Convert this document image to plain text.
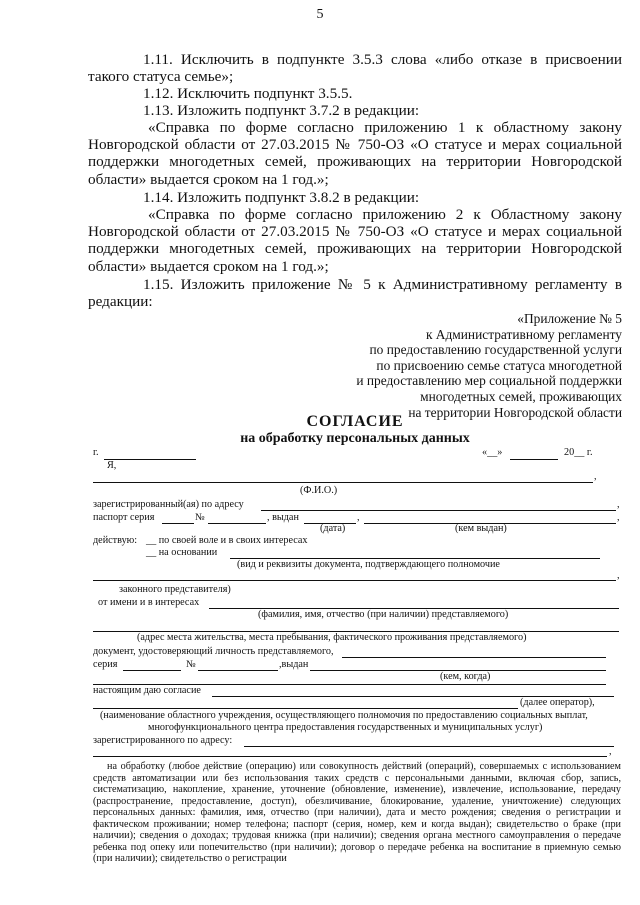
5
1.11. Исключить в подпункте 3.5.3 слова «либо отказе в присвоении такого статуса семье»;
1.12. Исключить подпункт 3.5.5.
1.13. Изложить подпункт 3.7.2 в редакции:
«Справка по форме согласно приложению 1 к областному закону Новгородской области от 27.03.2015 № 750-ОЗ «О статусе и мерах социальной поддержки многодетных семей, проживающих на территории Новгородской области» выдается сроком на 1 год.»;
1.14. Изложить подпункт 3.8.2 в редакции:
«Справка по форме согласно приложению 2 к Областному закону Новгородской области от 27.03.2015 № 750-ОЗ «О статусе и мерах социальной поддержки многодетных семей, проживающих на территории Новгородской области» выдается сроком на 1 год.»;
1.15. Изложить приложение № 5 к Административному регламенту в редакции:
«Приложение № 5
к Административному регламенту
по предоставлению государственной услуги
по присвоению семье статуса многодетной
и предоставлению мер социальной поддержки
многодетных семей, проживающих
на территории Новгородской области
СОГЛАСИЕ
на обработку персональных данных
г.	«__»	20__ г.
Я,
,
(Ф.И.О.)
зарегистрированный(ая) по адресу	,
паспорт серия	№	, выдан	,	,
(дата)	(кем выдан)
действую: __ по своей воле и в своих интересах
__ на основании
(вид и реквизиты документа, подтверждающего полномочие
,
законного представителя)
от имени и в интересах
(фамилия, имя, отчество (при наличии) представляемого)
(адрес места жительства, места пребывания, фактического проживания представляемого)
документ, удостоверяющий личность представляемого,
серия	№	,выдан
(кем, когда)
настоящим даю согласие
(далее оператор),
(наименование областного учреждения, осуществляющего полномочия по предоставлению социальных выплат,
многофункционального центра предоставления государственных и муниципальных услуг)
зарегистрированного по адресу:
,
на обработку (любое действие (операцию) или совокупность действий (операций), совершаемых с использованием средств автоматизации или без использования таких средств с персональными данными, включая сбор, запись, систематизацию, накопление, хранение, уточнение (обновление, изменение), извлечение, использование, передачу (распространение, предоставление, доступ), обезличивание, блокирование, удаление, уничтожение) следующих персональных данных: фамилия, имя, отчество (при наличии), дата и место рождения; сведения о регистрации и фактическом проживании; номер телефона; паспорт (серия, номер, кем и когда выдан); свидетельство о браке (при наличии); сведения о доходах; трудовая книжка (при наличии); сведения органа местного самоуправления о передаче ребенка под опеку или попечительство (при наличии); договор о передаче ребенка на воспитание в приемную семью (при наличии); свидетельство о регистрации
